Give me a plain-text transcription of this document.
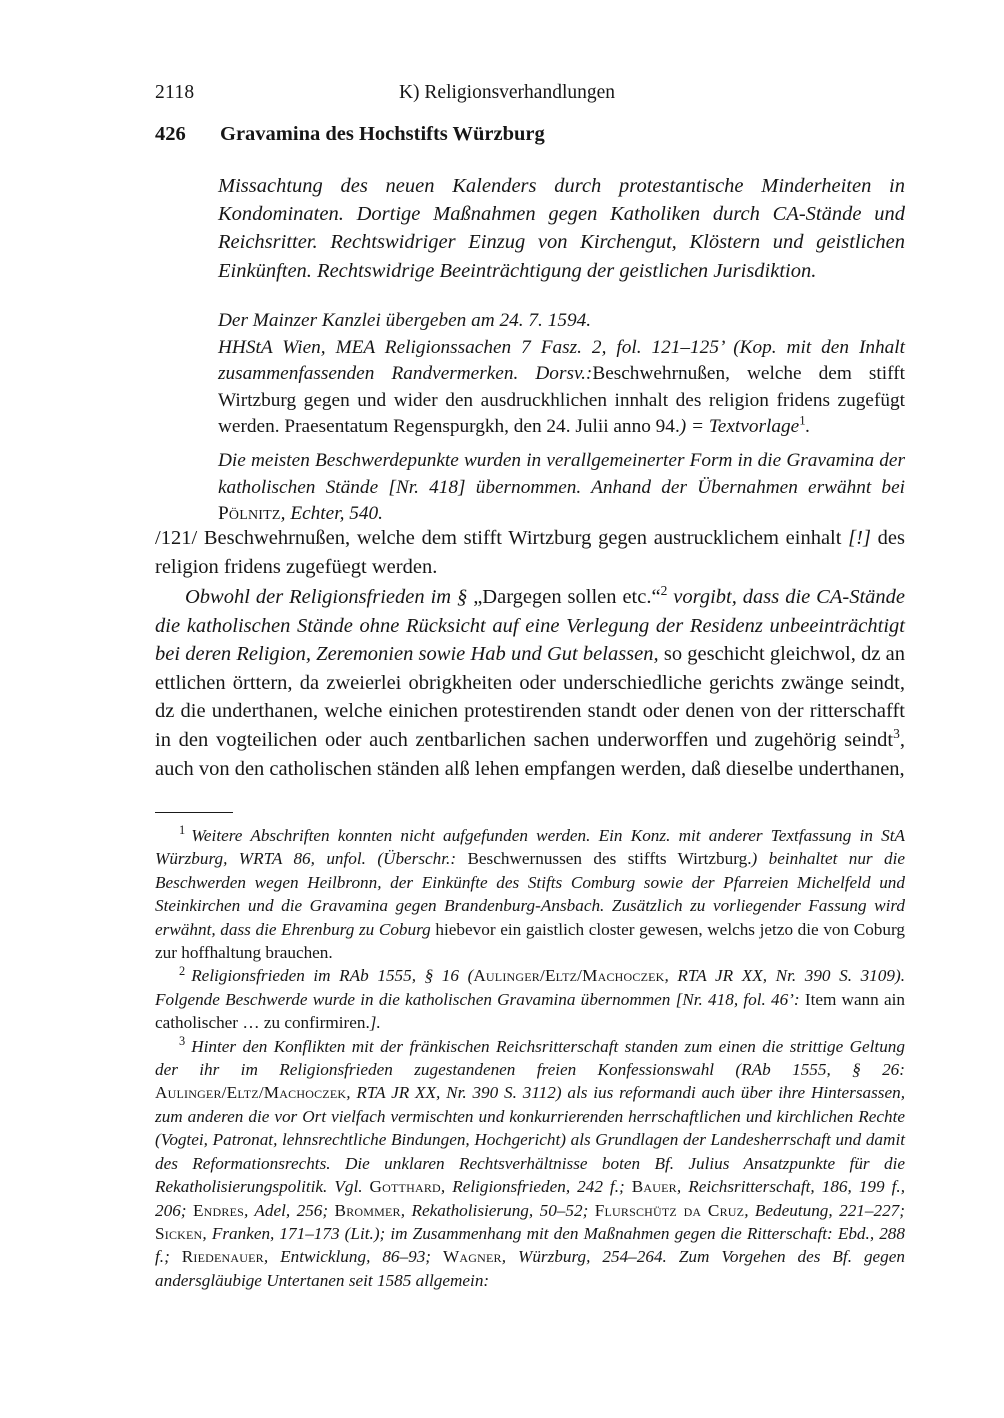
2118	K) Religionsverhandlungen
426 Gravamina des Hochstifts Würzburg
Missachtung des neuen Kalenders durch protestantische Minderheiten in Kondominaten. Dortige Maßnahmen gegen Katholiken durch CA-Stände und Reichsritter. Rechtswidriger Einzug von Kirchengut, Klöstern und geistlichen Einkünften. Rechtswidrige Beeinträchtigung der geistlichen Jurisdiktion.

Der Mainzer Kanzlei übergeben am 24. 7. 1594.

HHStA Wien, MEA Religionssachen 7 Fasz. 2, fol. 121–125’ (Kop. mit den Inhalt zusammenfassenden Randvermerken. Dorsv.:Beschwehrnußen, welche dem stifft Wirtzburg gegen und wider den ausdruckhlichen innhalt des religion fridens zugefügt werden. Praesentatum Regenspurgkh, den 24. Julii anno 94.) = Textvorlage$^1$.

Die meisten Beschwerdepunkte wurden in verallgemeinerter Form in die Gravamina der katholischen Stände [Nr. 418] übernommen. Anhand der Übernahmen erwähnt bei Pölnitz, Echter, 540.
/121/ Beschwehrnußen, welche dem stifft Wirtzburg gegen austrucklichem einhalt [!] des religion fridens zugefüegt werden.
Obwohl der Religionsfrieden im § „Dargegen sollen etc.“$^2$ vorgibt, dass die CA-Stände die katholischen Stände ohne Rücksicht auf eine Verlegung der Residenz unbeeinträchtigt bei deren Religion, Zeremonien sowie Hab und Gut belassen, so geschicht gleichwol, dz an ettlichen örttern, da zweierlei obrigkheiten oder underschiedliche gerichts zwänge seindt, dz die underthanen, welche einichen protestirenden standt oder denen von der ritterschafft in den vogteilichen oder auch zentbarlichen sachen underworffen und zugehörig seindt$^3$, auch von den catholischen ständen alß lehen empfangen werden, daß dieselbe underthanen,

$^1$ Weitere Abschriften konnten nicht aufgefunden werden. Ein Konz. mit anderer Textfassung in StA Würzburg, WRTA 86, unfol. (Überschr.: Beschwernussen des stiffts Wirtzburg.) beinhaltet nur die Beschwerden wegen Heilbronn, der Einkünfte des Stifts Comburg sowie der Pfarreien Michelfeld und Steinkirchen und die Gravamina gegen Brandenburg-Ansbach. Zusätzlich zu vorliegender Fassung wird erwähnt, dass die Ehrenburg zu Coburg hiebevor ein gaistlich closter gewesen, welchs jetzo die von Coburg zur hoffhaltung brauchen.

$^2$ Religionsfrieden im RAb 1555, § 16 (Aulinger/Eltz/Machoczek, RTA JR XX, Nr. 390 S. 3109). Folgende Beschwerde wurde in die katholischen Gravamina übernommen [Nr. 418, fol. 46’: Item wann ain catholischer … zu confirmiren.].

$^3$ Hinter den Konflikten mit der fränkischen Reichsritterschaft standen zum einen die strittige Geltung der ihr im Religionsfrieden zugestandenen freien Konfessionswahl (RAb 1555, § 26: Aulinger/Eltz/Machoczek, RTA JR XX, Nr. 390 S. 3112) als ius reformandi auch über ihre Hintersassen, zum anderen die vor Ort vielfach vermischten und konkurrierenden herrschaftlichen und kirchlichen Rechte (Vogtei, Patronat, lehnsrechtliche Bindungen, Hochgericht) als Grundlagen der Landesherrschaft und damit des Reformationsrechts. Die unklaren Rechtsverhältnisse boten Bf. Julius Ansatzpunkte für die Rekatholisierungspolitik. Vgl. Gotthard, Religionsfrieden, 242 f.; Bauer, Reichsritterschaft, 186, 199 f., 206; Endres, Adel, 256; Brommer, Rekatholisierung, 50–52; Flurschütz da Cruz, Bedeutung, 221–227; Sicken, Franken, 171–173 (Lit.); im Zusammenhang mit den Maßnahmen gegen die Ritterschaft: Ebd., 288 f.; Riedenauer, Entwicklung, 86–93; Wagner, Würzburg, 254–264. Zum Vorgehen des Bf. gegen andersgläubige Untertanen seit 1585 allgemein:
